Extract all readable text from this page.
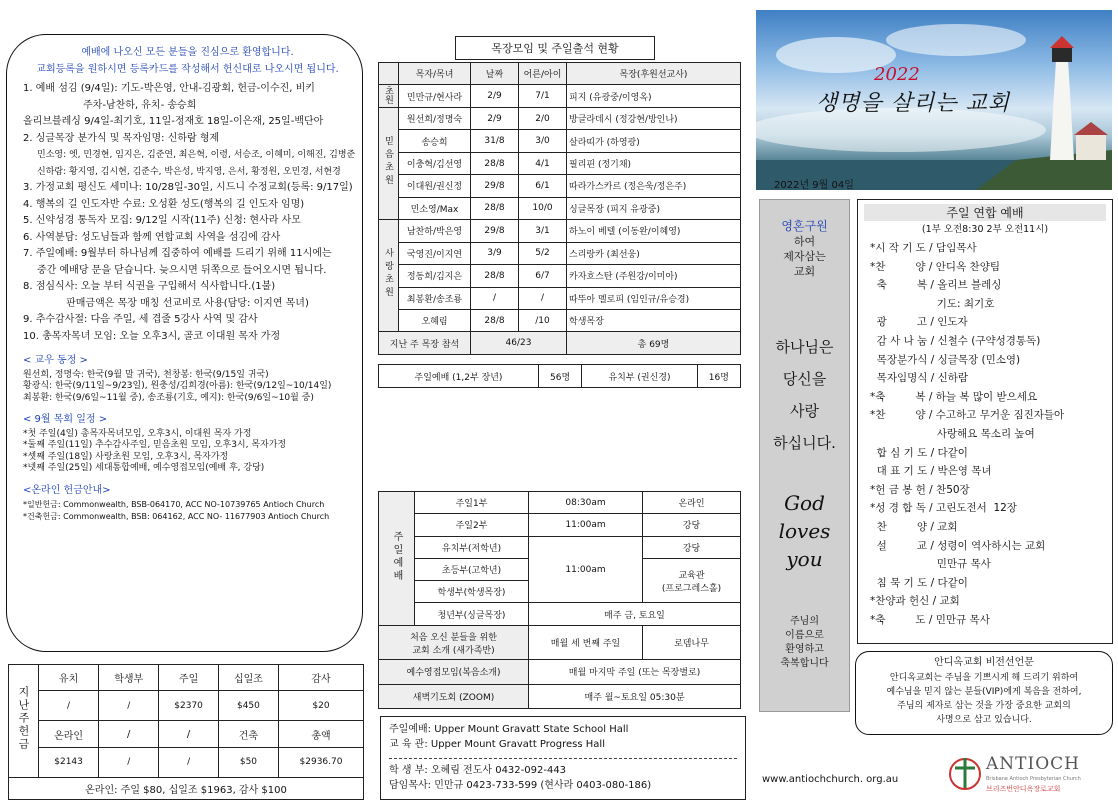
예배에 나오신 모든 분들을 진심으로 환영합니다.
교회등록을 원하시면 등록카드를 작성해서 헌신대로 나오시면 됩니다.

1. 예배 섬김 (9/4일): 기도-박은영, 안내-김광회, 헌금-이수진, 비키

주차-남찬하, 유치- 송승희

올리브블레싱 9/4일-최기호, 11일-정재호 18일-이은재, 25일-백단아

2. 싱글목장 분가식 및 목자임명: 신하람 형제

민소영: 엣, 민경현, 임지은, 김준연, 최은혁, 이령, 서승조, 이혜미, 이해진, 김병준

신하람: 황지영, 김시현, 김준수, 박은성, 박지영, 은서, 황정원, 오민경, 서현경

3. 가정교회 평신도 세미나: 10/28일-30일, 시드니 수정교회(등록: 9/17일)

4. 행복의 길 인도자반 수료: 오성환 성도(행복의 길 인도자 임명)

5. 신약성경 통독자 모집: 9/12일 시작(11주) 신청: 현사라 사모

6. 사역분담: 성도님들과 함께 연합교회 사역을 섬김에 감사

7. 주일예배: 9월부터 하나님께 집중하여 예배를 드리기 위해 11시에는

중간 예배당 문을 닫습니다. 늦으시면 뒤쪽으로 들어오시면 됩니다.

8. 점심식사: 오늘 부터 식권을 구입해서 식사합니다.(1불)

판매금액은 목장 매칭 선교비로 사용(담당: 이지연 목녀)

9. 추수감사절: 다음 주일, 세 겹줄 5강사 사역 및 감사

10. 총목자목녀 모임: 오늘 오후3시, 골코 이대원 목자 가정

< 교우 동정 >

원선희, 정명숙: 한국(9월 말 귀국), 천창봉: 한국(9/15일 귀국)

황광식: 한국(9/11일~9/23일), 원충성/김희경(아름): 한국(9/12일~10/14일)

최봉환: 한국(9/6일~11월 중), 송조룡(기호, 예지): 한국(9/6일~10월 중)

< 9월 목회 일정 >

*첫 주일(4일) 총목자목녀모임, 오후3시, 이대원 목자 가정

*둘째 주일(11일) 추수감사주일, 믿음초원 모임, 오후3시, 목자가정

*셋째 주일(18일) 사랑초원 모임, 오후3시, 목자가정

*넷째 주일(25일) 세대통합예배, 예수영접모임(예배 후, 강당)

<온라인 헌금안내>

*일반헌금: Commonwealth, BSB-064170, ACC NO-10739765 Antioch Church

*건축헌금: Commonwealth, BSB: 064162, ACC NO- 11677903 Antioch Church

지난주헌금	유치	학생부	주일	십일조	감사
	/	/	$2370	$450	$20
	온라인	/	/	건축	총액
	$2143	/	/	$50	$2936.70
온라인: 주일 $80, 십일조 $1963, 감사 $100					
목장모임 및 주일출석 현황
	목자/목녀	날짜	어른/아이	목장(후원선교사)
초원	민만규/현사라	2/9	7/1	피지 (유광중/이영옥)
믿음초원	원선희/정명숙	2/9	2/0	방글라데시 (정강현/방인나)
	송승희	31/8	3/0	살라띠가 (하영광)
	이충혁/김선영	28/8	4/1	필리핀 (정기채)
	이대원/권신정	29/8	6/1	따라가스카르 (정은욱/정은주)
	민소영/Max	28/8	10/0	싱글목장 (피지 유광중)
사랑초원	남찬하/박은영	29/8	3/1	하노이 베텔 (이동완/이혜영)
	국영진/이지연	3/9	5/2	스리랑카 (최선웅)
	정동희/김지은	28/8	6/7	카자흐스탄 (주원강/이미아)
	최봉환/송조룡	/	/	따뚜아 멜로피 (임인규/유승경)
	오혜림	28/8	/10	학생목장
지난 주 목장 참석		46/23		총 69명
주일예배 (1,2부 장년)	56명	유치부 (권신경)	16명
주일예배	주일1부	08:30am	온라인
	주일2부	11:00am	강당
	유치부(저학년)	11:00am	강당
	초등부(고학년)		교육관
(프로그레스홀)
	학생부(학생목장)		
	청년부(싱글목장)	매주 금, 토요일	
처음 오신 분들을 위한
교회 소개 (새가족반)		매월 세 번째 주일	로뎀나무
예수영접모임(복음소개)		매월 마지막 주일 (또는 목장별로)	
새벽기도회 (ZOOM)		매주 월~토요일 05:30분	
주일예배: Upper Mount Gravatt State School Hall
교 육 관: Upper Mount Gravatt Progress Hall
학 생 부: 오혜림 전도사 0432-092-443
담임목사: 민만규 0423-733-599 (현사라 0403-080-186)
2022
생명을 살리는 교회
2022년 9월 04일
영혼구원
하여
제자삼는
교회
하나님은
당신을
사랑
하십니다.
God
loves
you
주님의
이름으로
환영하고
축복합니다
주일 연합 예배
(1부 오전8:30 2부 오전11시)
*시 작 기 도 / 담임목사
*찬         양 / 안디옥 찬양팀
축         복 / 올리브 블레싱
기도: 최기호
광         고 / 인도자
감 사 나 눔 / 신철수 (구약성경통독)
목장분가식 / 싱글목장 (민소영)
목자임명식 / 신하람
*축         복 / 하늘 복 많이 받으세요
*찬         양 / 수고하고 무거운 짐진자들아
사랑해요 목소리 높여
합 심 기 도 / 다같이
대 표 기 도 / 박은영 목녀
*헌 금 봉 헌 / 찬50장
*성 경 합 독 / 고린도전서  12장
찬         양 / 교회
설         교 / 성령이 역사하시는 교회
민만규 목사
침 묵 기 도 / 다같이
*찬양과 헌신 / 교회
*축         도 / 민만규 목사
안디옥교회 비전선언문
안디옥교회는 주님을 기쁘시게 해 드리기 위하여
예수님을 믿지 않는 분들(VIP)에게 복음을 전하여,
주님의 제자로 삼는 것을 가장 중요한 교회의
사명으로 삼고 있습니다.
www.antiochchurch. org.au
ANTIOCH
Brisbane Antioch Presbyterian Church
브리즈번안디옥장로교회
